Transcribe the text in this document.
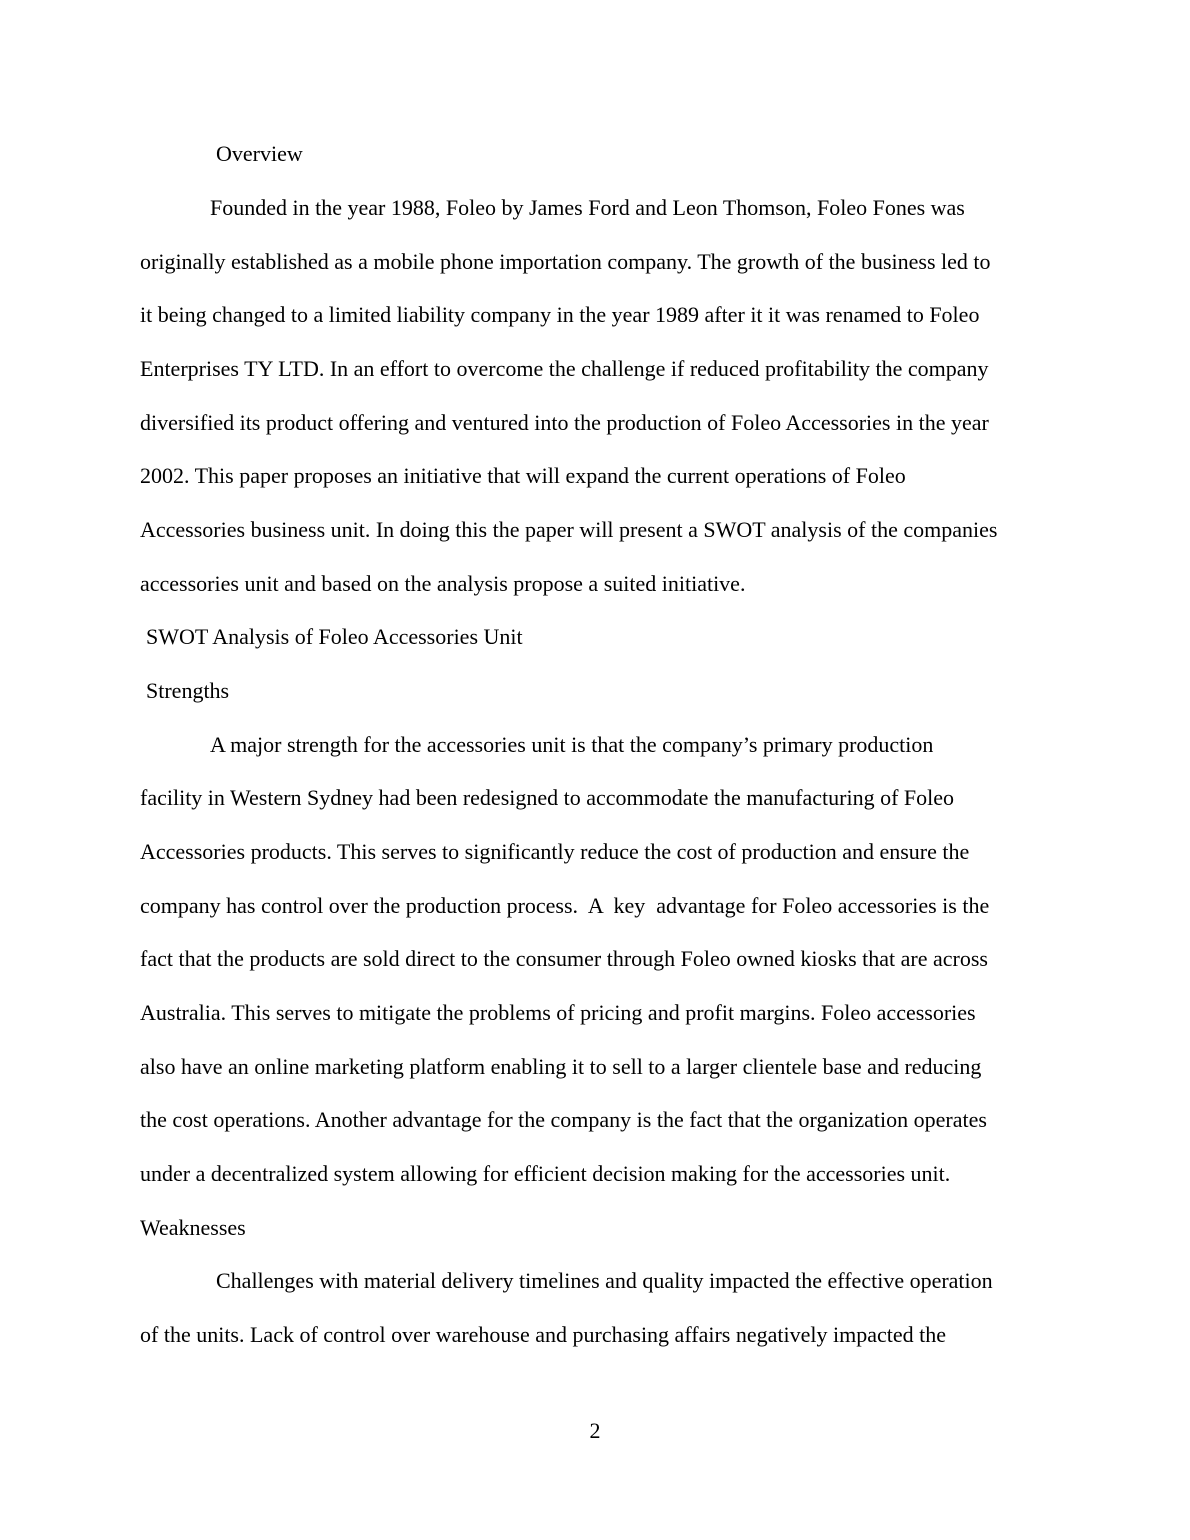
Overview

Founded in the year 1988, Foleo by James Ford and Leon Thomson, Foleo Fones was

originally established as a mobile phone importation company. The growth of the business led to

it being changed to a limited liability company in the year 1989 after it it was renamed to Foleo

Enterprises TY LTD. In an effort to overcome the challenge if reduced profitability the company

diversified its product offering and ventured into the production of Foleo Accessories in the year

2002. This paper proposes an initiative that will expand the current operations of Foleo

Accessories business unit. In doing this the paper will present a SWOT analysis of the companies

accessories unit and based on the analysis propose a suited initiative.

SWOT Analysis of Foleo Accessories Unit

Strengths

A major strength for the accessories unit is that the company’s primary production

facility in Western Sydney had been redesigned to accommodate the manufacturing of Foleo

Accessories products. This serves to significantly reduce the cost of production and ensure the

company has control over the production process.  A  key  advantage for Foleo accessories is the

fact that the products are sold direct to the consumer through Foleo owned kiosks that are across

Australia. This serves to mitigate the problems of pricing and profit margins. Foleo accessories

also have an online marketing platform enabling it to sell to a larger clientele base and reducing

the cost operations. Another advantage for the company is the fact that the organization operates

under a decentralized system allowing for efficient decision making for the accessories unit.

Weaknesses

Challenges with material delivery timelines and quality impacted the effective operation

of the units. Lack of control over warehouse and purchasing affairs negatively impacted the

2
